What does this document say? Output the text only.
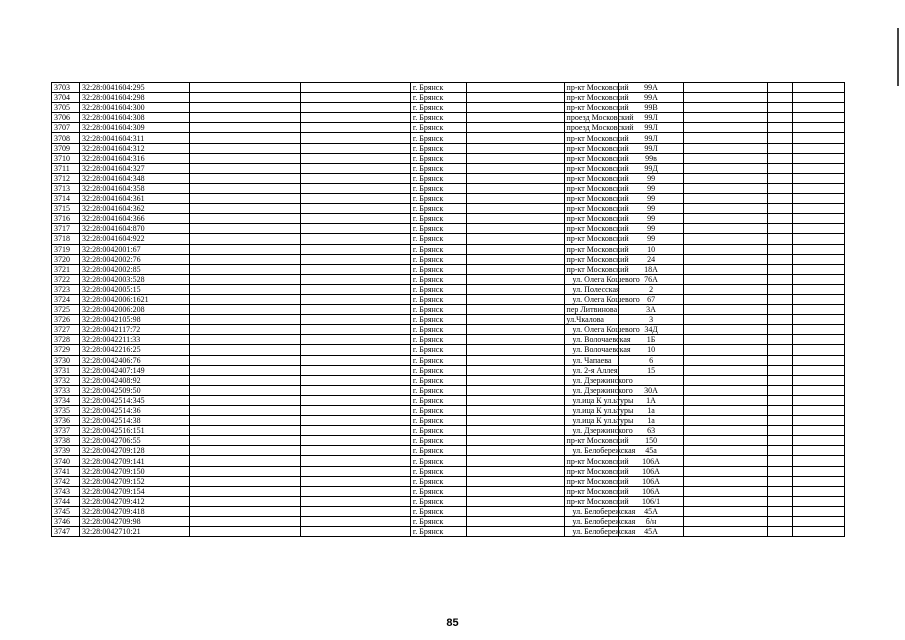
3703	32:28:0041604:295			г. Брянск		пр-кт Московский	99А			
3704	32:28:0041604:298			г. Брянск		пр-кт Московский	99А			
3705	32:28:0041604:300			г. Брянск		пр-кт Московский	99В			
3706	32:28:0041604:308			г. Брянск		проезд Московский	99Л			
3707	32:28:0041604:309			г. Брянск		проезд Московский	99Л			
3708	32:28:0041604:311			г. Брянск		пр-кт Московский	99Л			
3709	32:28:0041604:312			г. Брянск		пр-кт Московский	99Л			
3710	32:28:0041604:316			г. Брянск		пр-кт Московский	99в			
3711	32:28:0041604:327			г. Брянск		пр-кт Московский	99Д			
3712	32:28:0041604:348			г. Брянск		пр-кт Московский	99			
3713	32:28:0041604:358			г. Брянск		пр-кт Московский	99			
3714	32:28:0041604:361			г. Брянск		пр-кт Московский	99			
3715	32:28:0041604:362			г. Брянск		пр-кт Московский	99			
3716	32:28:0041604:366			г. Брянск		пр-кт Московский	99			
3717	32:28:0041604:870			г. Брянск		пр-кт Московский	99			
3718	32:28:0041604:922			г. Брянск		пр-кт Московский	99			
3719	32:28:0042001:67			г. Брянск		пр-кт Московский	10			
3720	32:28:0042002:76			г. Брянск		пр-кт Московский	24			
3721	32:28:0042002:85			г. Брянск		пр-кт Московский	18А			
3722	32:28:0042003:528			г. Брянск		ул. Олега Кошевого	76А			
3723	32:28:0042005:15			г. Брянск		ул. Полесская	2			
3724	32:28:0042006:1621			г. Брянск		ул. Олега Кошевого	67			
3725	32:28:0042006:208			г. Брянск		пер Литвинова	3А			
3726	32:28:0042105:98			г. Брянск		ул.Чкалова	3			
3727	32:28:0042117:72			г. Брянск		ул. Олега Кошевого	34Д			
3728	32:28:0042211:33			г. Брянск		ул. Волочаевская	1Б			
3729	32:28:0042216:25			г. Брянск		ул. Волочаевская	10			
3730	32:28:0042406:76			г. Брянск		ул. Чапаева	6			
3731	32:28:0042407:149			г. Брянск		ул. 2-я Аллея	15			
3732	32:28:0042408:92			г. Брянск		ул. Дзержинского				
3733	32:28:0042509:50			г. Брянск		ул. Дзержинского	30А			
3734	32:28:0042514:345			г. Брянск		ул.ица К ул.ьтуры	1А			
3735	32:28:0042514:36			г. Брянск		ул.ица К ул.ьтуры	1а			
3736	32:28:0042514:38			г. Брянск		ул.ица К ул.ьтуры	1а			
3737	32:28:0042516:151			г. Брянск		ул. Дзержинского	63			
3738	32:28:0042706:55			г. Брянск		пр-кт Московский	150			
3739	32:28:0042709:128			г. Брянск		ул. Белобережская	45а			
3740	32:28:0042709:141			г. Брянск		пр-кт Московский	106А			
3741	32:28:0042709:150			г. Брянск		пр-кт Московский	106А			
3742	32:28:0042709:152			г. Брянск		пр-кт Московский	106А			
3743	32:28:0042709:154			г. Брянск		пр-кт Московский	106А			
3744	32:28:0042709:412			г. Брянск		пр-кт Московский	106/1			
3745	32:28:0042709:418			г. Брянск		ул. Белобережская	45А			
3746	32:28:0042709:98			г. Брянск		ул. Белобережская	б/н			
3747	32:28:0042710:21			г. Брянск		ул. Белобережская	45А			
85
